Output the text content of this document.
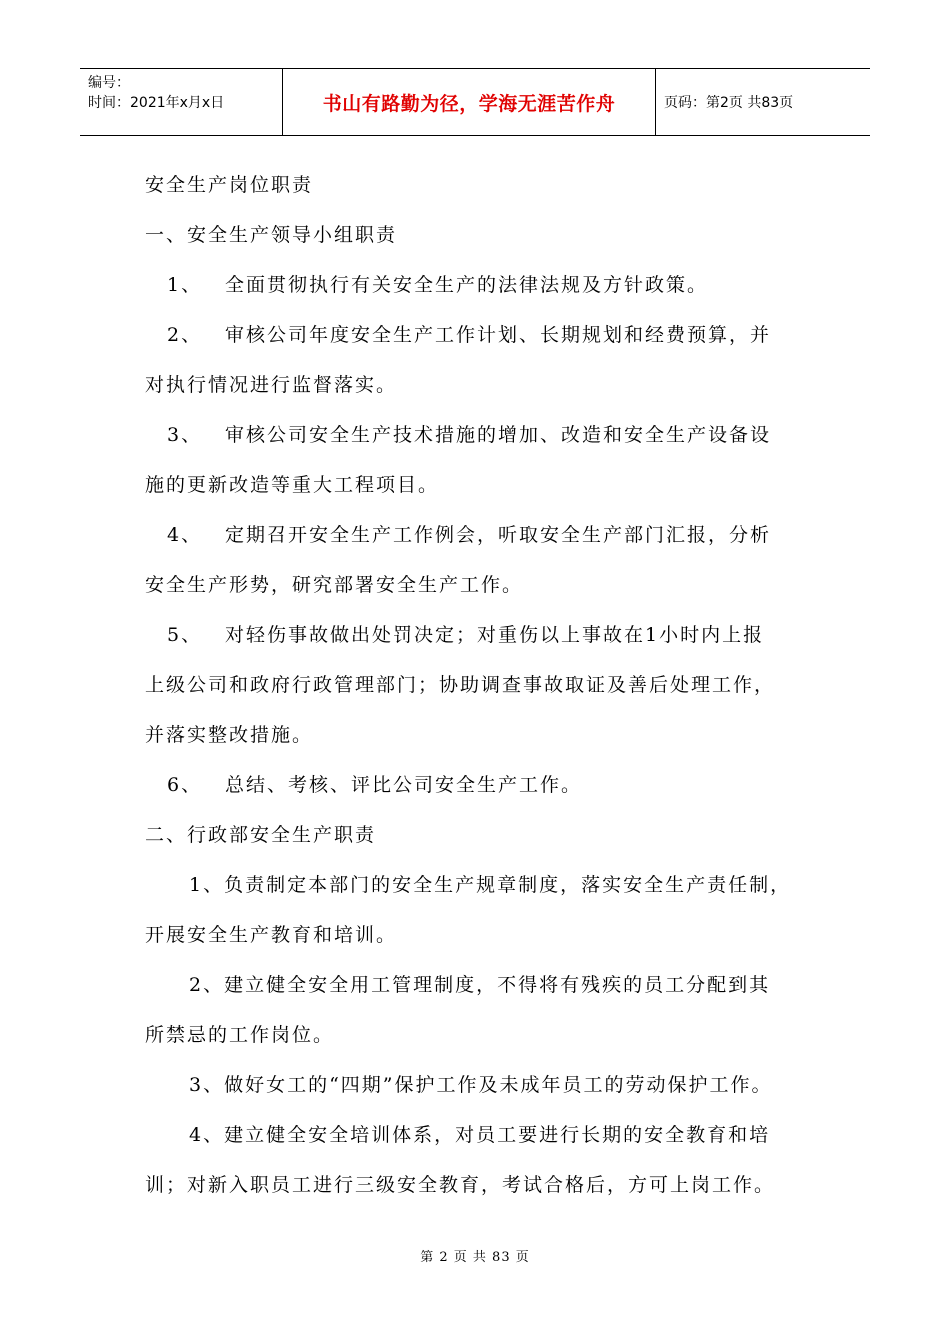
编号：
时间：2021年x月x日	书山有路勤为径，学海无涯苦作舟	页码：第2页 共83页
安全生产岗位职责
一、安全生产领导小组职责
1、 全面贯彻执行有关安全生产的法律法规及方针政策。
2、 审核公司年度安全生产工作计划、长期规划和经费预算，并
对执行情况进行监督落实。
3、 审核公司安全生产技术措施的增加、改造和安全生产设备设
施的更新改造等重大工程项目。
4、 定期召开安全生产工作例会，听取安全生产部门汇报，分析
安全生产形势，研究部署安全生产工作。
5、 对轻伤事故做出处罚决定；对重伤以上事故在1小时内上报
上级公司和政府行政管理部门；协助调查事故取证及善后处理工作，
并落实整改措施。
6、 总结、考核、评比公司安全生产工作。
二、行政部安全生产职责
1、负责制定本部门的安全生产规章制度，落实安全生产责任制，
开展安全生产教育和培训。
2、建立健全安全用工管理制度，不得将有残疾的员工分配到其
所禁忌的工作岗位。
3、做好女工的“四期”保护工作及未成年员工的劳动保护工作。
4、建立健全安全培训体系，对员工要进行长期的安全教育和培
训；对新入职员工进行三级安全教育，考试合格后，方可上岗工作。
第 2 页 共 83 页
